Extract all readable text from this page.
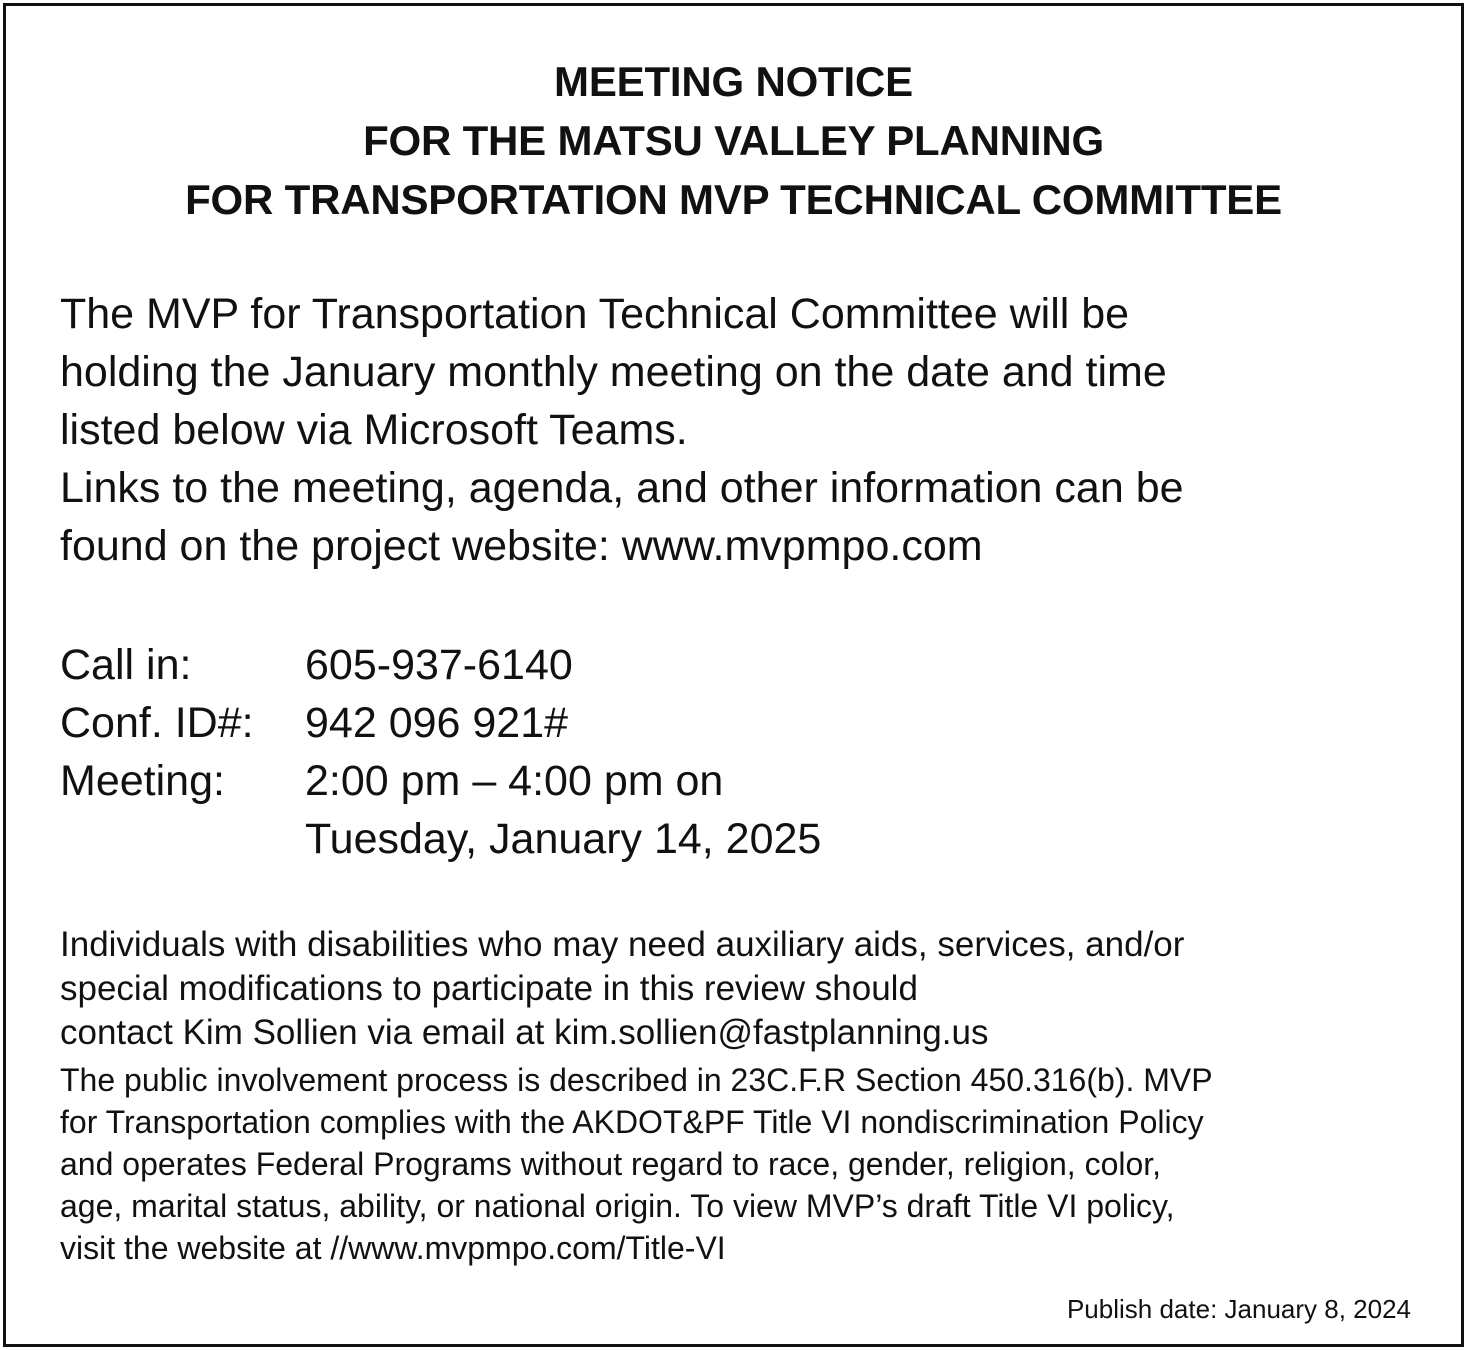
MEETING NOTICE
FOR THE MATSU VALLEY PLANNING
FOR TRANSPORTATION MVP TECHNICAL COMMITTEE
The MVP for Transportation Technical Committee will be
holding the January monthly meeting on the date and time
listed below via Microsoft Teams.
Links to the meeting, agenda, and other information can be
found on the project website: www.mvpmpo.com
Call in:	605-937-6140
Conf. ID#:	942 096 921#
Meeting:	2:00 pm – 4:00 pm on
Tuesday, January 14, 2025
Individuals with disabilities who may need auxiliary aids, services, and/or
special modifications to participate in this review should
contact Kim Sollien via email at kim.sollien@fastplanning.us
The public involvement process is described in 23C.F.R Section 450.316(b). MVP
for Transportation complies with the AKDOT&PF Title VI nondiscrimination Policy
and operates Federal Programs without regard to race, gender, religion, color,
age, marital status, ability, or national origin. To view MVP’s draft Title VI policy,
visit the website at //www.mvpmpo.com/Title-VI
Publish date: January 8, 2024
